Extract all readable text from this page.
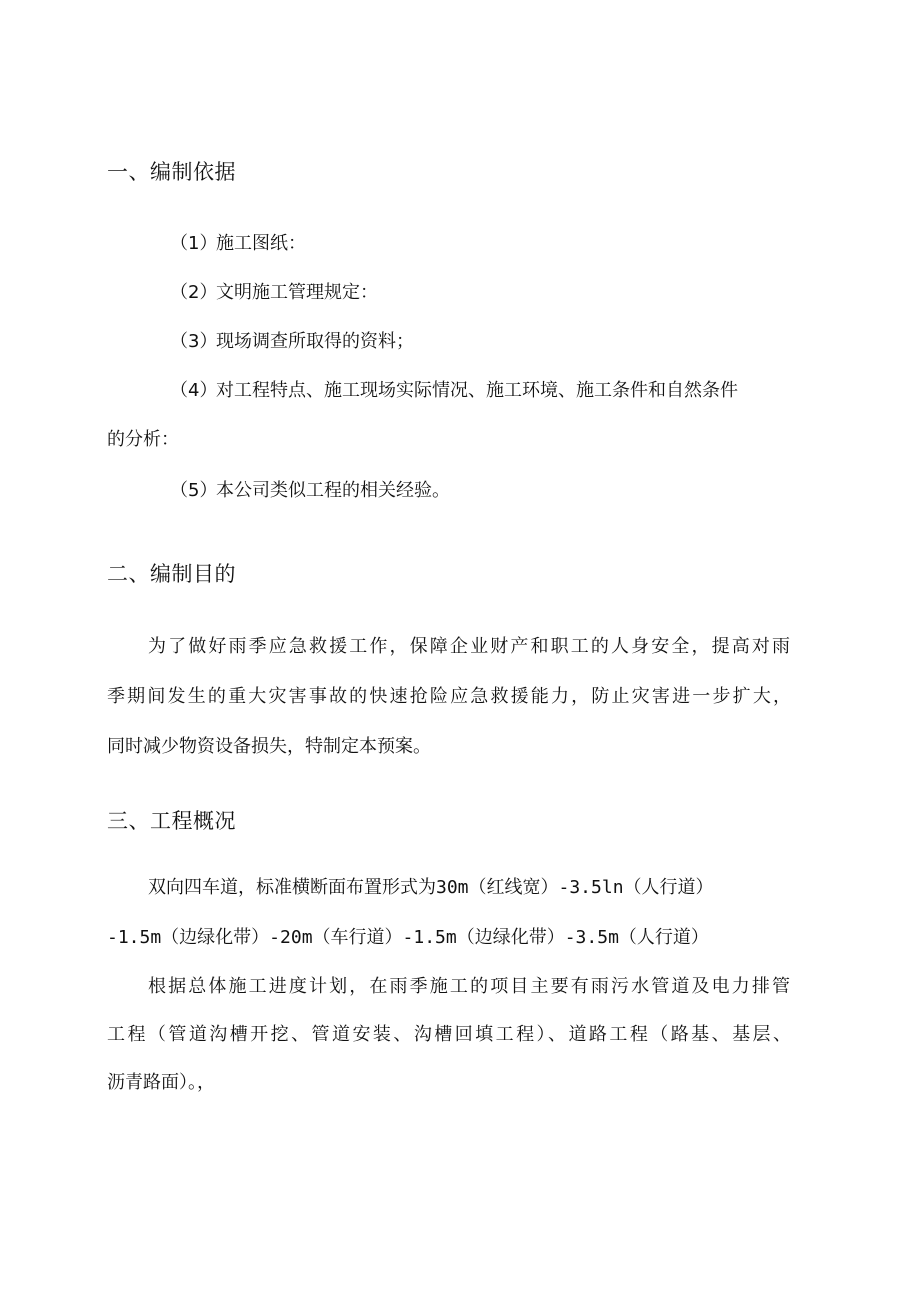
一、编制依据
（1）施工图纸：
（2）文明施工管理规定：
（3）现场调查所取得的资料；
（4）对工程特点、施工现场实际情况、施工环境、施工条件和自然条件

的分析：

（5）本公司类似工程的相关经验。
二、编制目的

为了做好雨季应急救援工作，保障企业财产和职工的人身安全，提高对雨

季期间发生的重大灾害事故的快速抢险应急救援能力，防止灾害进一步扩大，

同时减少物资设备损失，特制定本预案。

三、工程概况

双向四车道，标准横断面布置形式为30m（红线宽）-3.5ln（人行道）

-1.5m（边绿化带）-20m（车行道）-1.5m（边绿化带）-3.5m（人行道）

根据总体施工进度计划，在雨季施工的项目主要有雨污水管道及电力排管

工程（管道沟槽开挖、管道安装、沟槽回填工程）、道路工程（路基、基层、

沥青路面）。，
